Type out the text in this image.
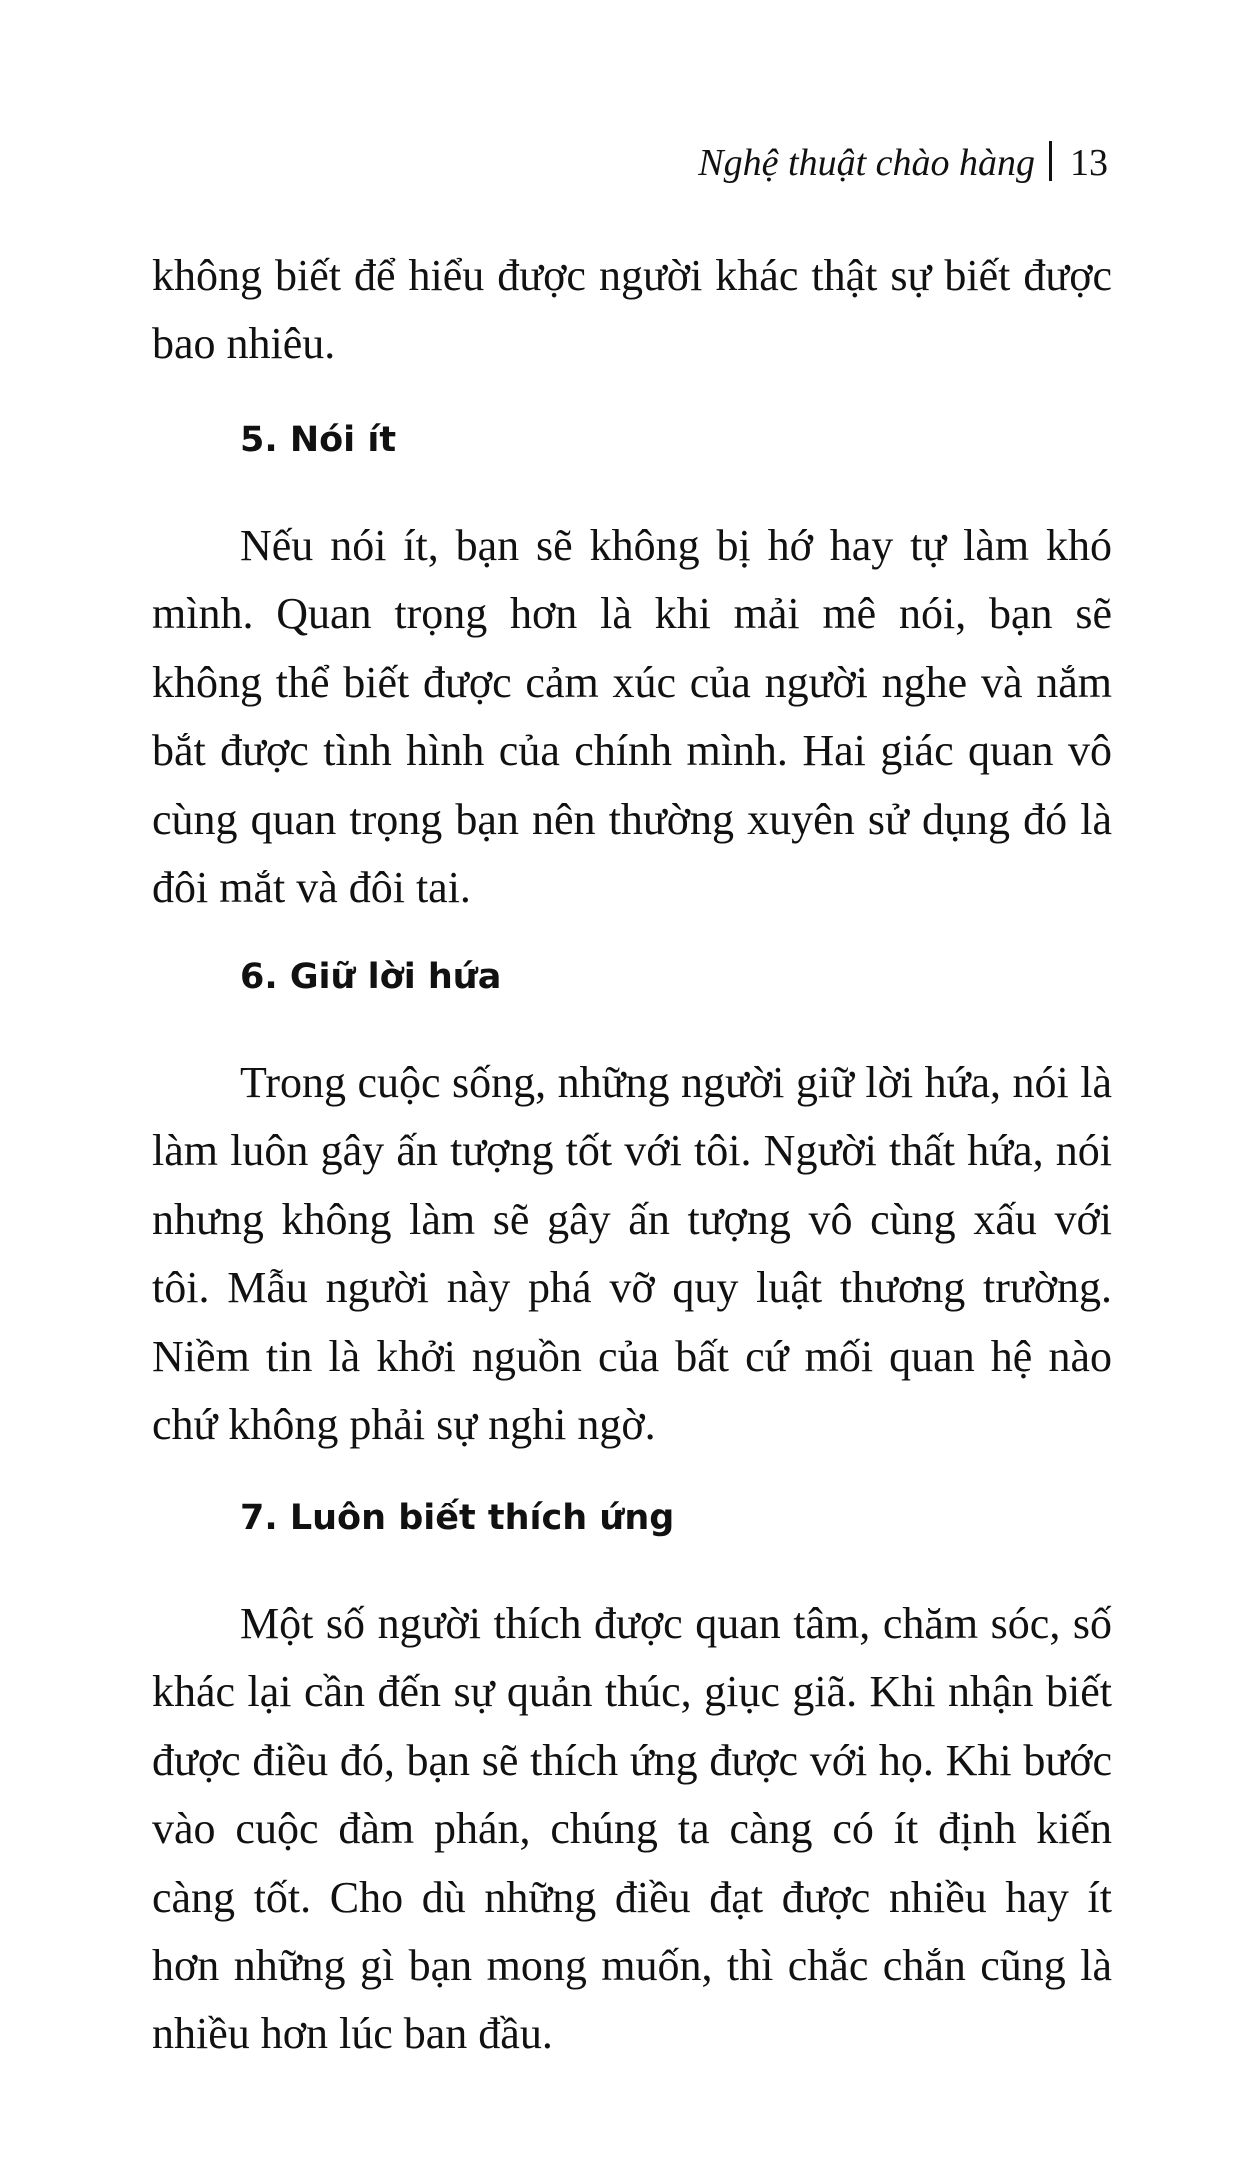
Nghệ thuật chào hàng 13

không biết để hiểu được người khác thật sự biết được bao nhiêu.

5. Nói ít

Nếu nói ít, bạn sẽ không bị hớ hay tự làm khó mình. Quan trọng hơn là khi mải mê nói, bạn sẽ không thể biết được cảm xúc của người nghe và nắm bắt được tình hình của chính mình. Hai giác quan vô cùng quan trọng bạn nên thường xuyên sử dụng đó là đôi mắt và đôi tai.

6. Giữ lời hứa

Trong cuộc sống, những người giữ lời hứa, nói là làm luôn gây ấn tượng tốt với tôi. Người thất hứa, nói nhưng không làm sẽ gây ấn tượng vô cùng xấu với tôi. Mẫu người này phá vỡ quy luật thương trường. Niềm tin là khởi nguồn của bất cứ mối quan hệ nào chứ không phải sự nghi ngờ.

7. Luôn biết thích ứng

Một số người thích được quan tâm, chăm sóc, số khác lại cần đến sự quản thúc, giục giã. Khi nhận biết được điều đó, bạn sẽ thích ứng được với họ. Khi bước vào cuộc đàm phán, chúng ta càng có ít định kiến càng tốt. Cho dù những điều đạt được nhiều hay ít hơn những gì bạn mong muốn, thì chắc chắn cũng là nhiều hơn lúc ban đầu.
